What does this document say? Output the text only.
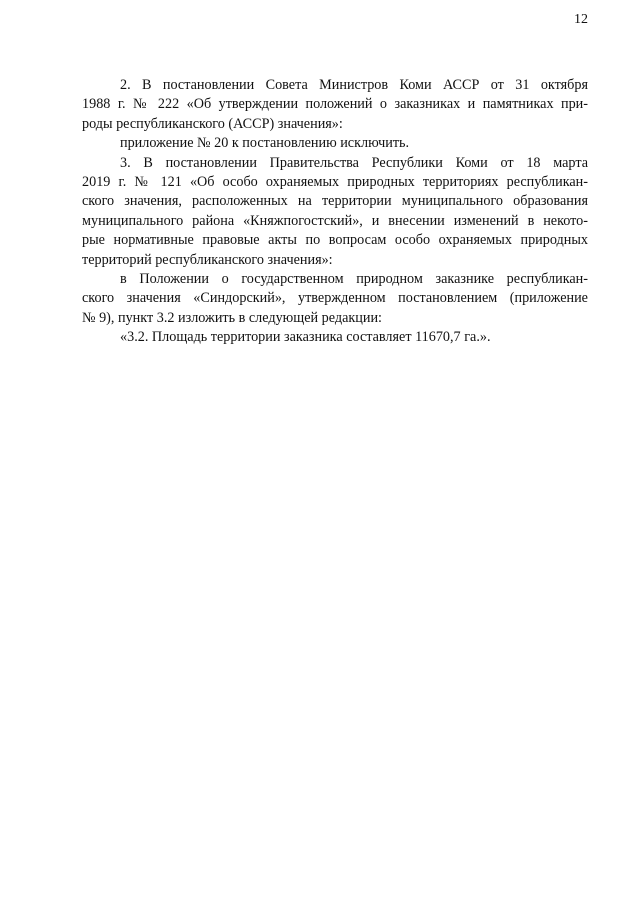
12
2. В постановлении Совета Министров Коми АССР от 31 октября
1988 г. № 222 «Об утверждении положений о заказниках и памятниках при-
роды республиканского (АССР) значения»:
приложение № 20 к постановлению исключить.
3. В постановлении Правительства Республики Коми от 18 марта
2019 г. № 121 «Об особо охраняемых природных территориях республикан-
ского значения, расположенных на территории муниципального образования
муниципального района «Княжпогостский», и внесении изменений в некото-
рые нормативные правовые акты по вопросам особо охраняемых природных
территорий республиканского значения»:
в Положении о государственном природном заказнике республикан-
ского значения «Синдорский», утвержденном постановлением (приложение
№ 9), пункт 3.2 изложить в следующей редакции:
«3.2. Площадь территории заказника составляет 11670,7 га.».
